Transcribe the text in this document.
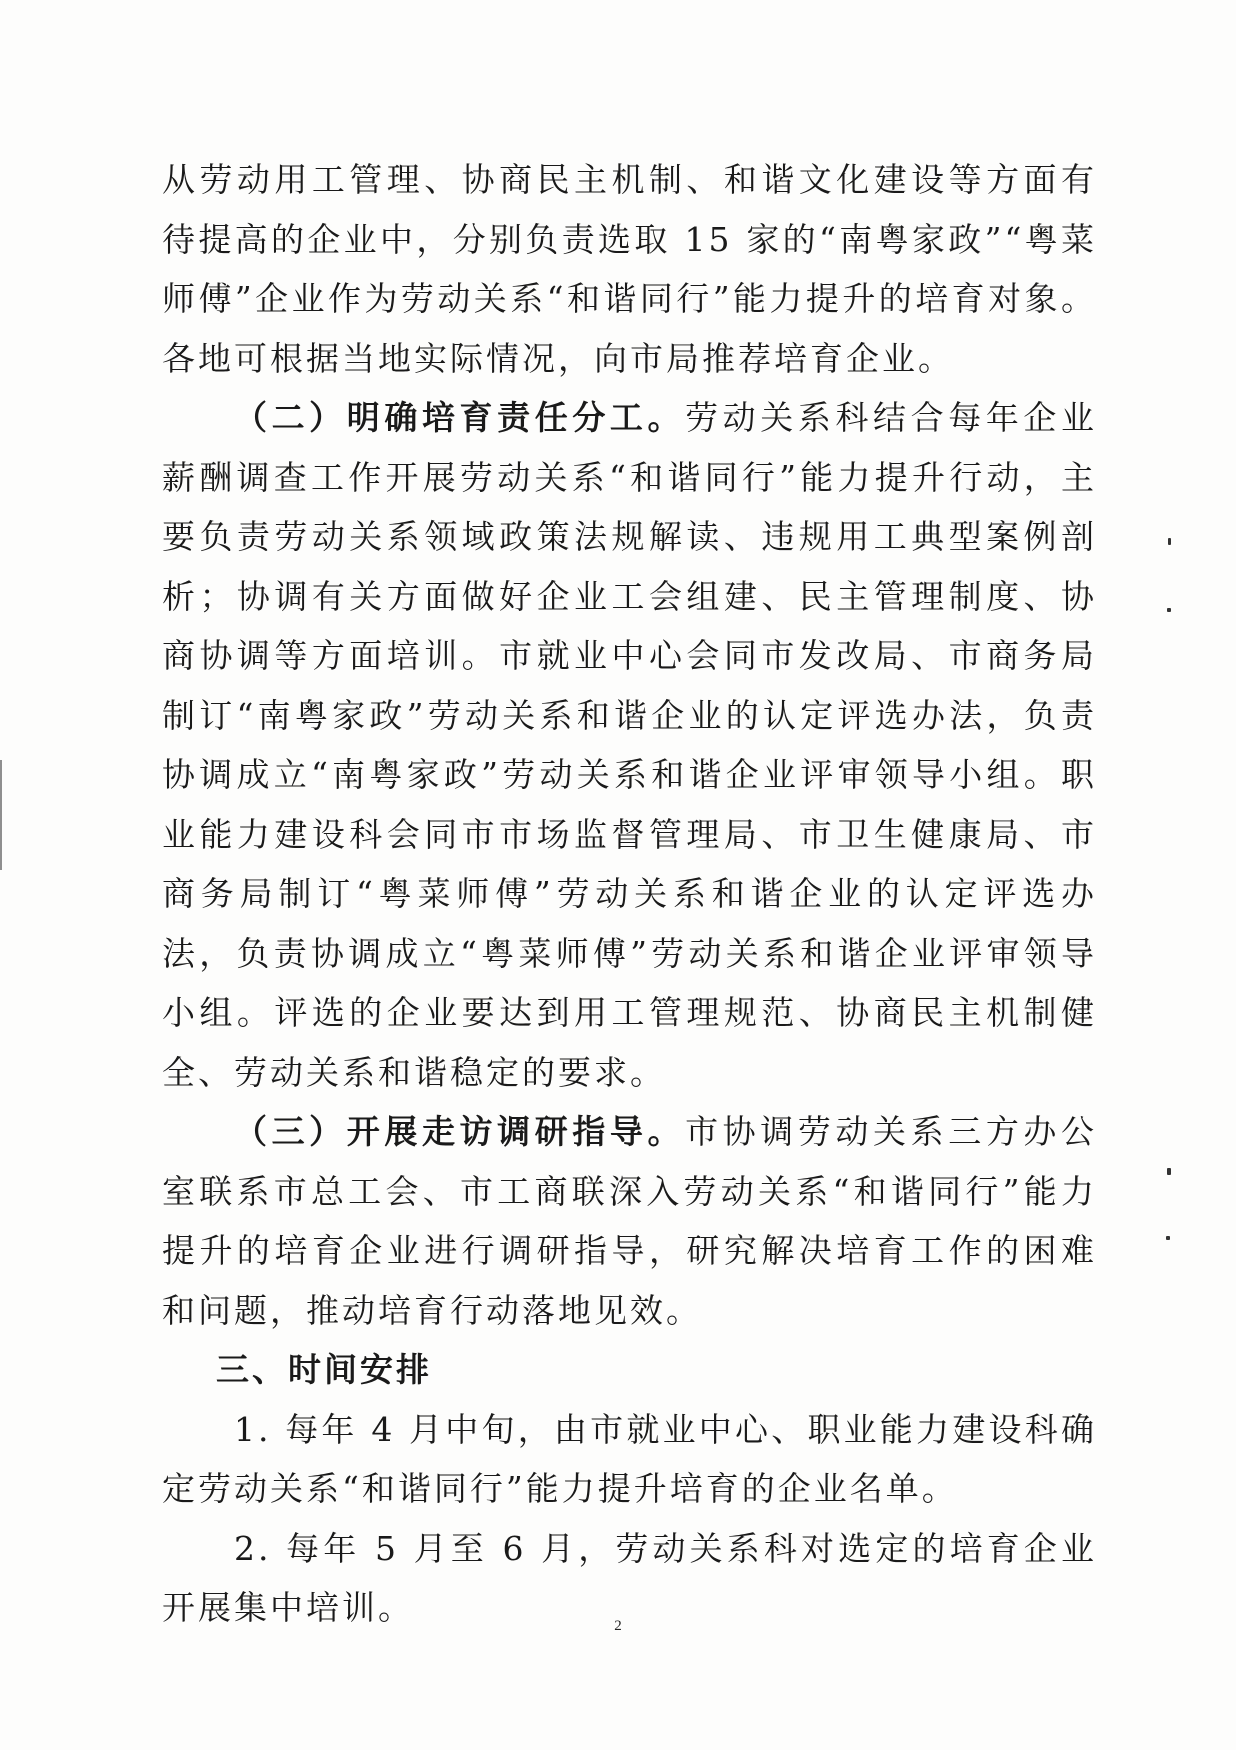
从劳动用工管理、协商民主机制、和谐文化建设等方面有待提高的企业中，分别负责选取 15 家的“南粤家政”“粤菜师傅”企业作为劳动关系“和谐同行”能力提升的培育对象。各地可根据当地实际情况，向市局推荐培育企业。

（二）明确培育责任分工。劳动关系科结合每年企业薪酬调查工作开展劳动关系“和谐同行”能力提升行动，主要负责劳动关系领域政策法规解读、违规用工典型案例剖析；协调有关方面做好企业工会组建、民主管理制度、协商协调等方面培训。市就业中心会同市发改局、市商务局制订“南粤家政”劳动关系和谐企业的认定评选办法，负责协调成立“南粤家政”劳动关系和谐企业评审领导小组。职业能力建设科会同市市场监督管理局、市卫生健康局、市商务局制订“粤菜师傅”劳动关系和谐企业的认定评选办法，负责协调成立“粤菜师傅”劳动关系和谐企业评审领导小组。评选的企业要达到用工管理规范、协商民主机制健全、劳动关系和谐稳定的要求。

（三）开展走访调研指导。市协调劳动关系三方办公室联系市总工会、市工商联深入劳动关系“和谐同行”能力提升的培育企业进行调研指导，研究解决培育工作的困难和问题，推动培育行动落地见效。

三、时间安排

1. 每年 4 月中旬，由市就业中心、职业能力建设科确定劳动关系“和谐同行”能力提升培育的企业名单。

2. 每年 5 月至 6 月，劳动关系科对选定的培育企业开展集中培训。	2
